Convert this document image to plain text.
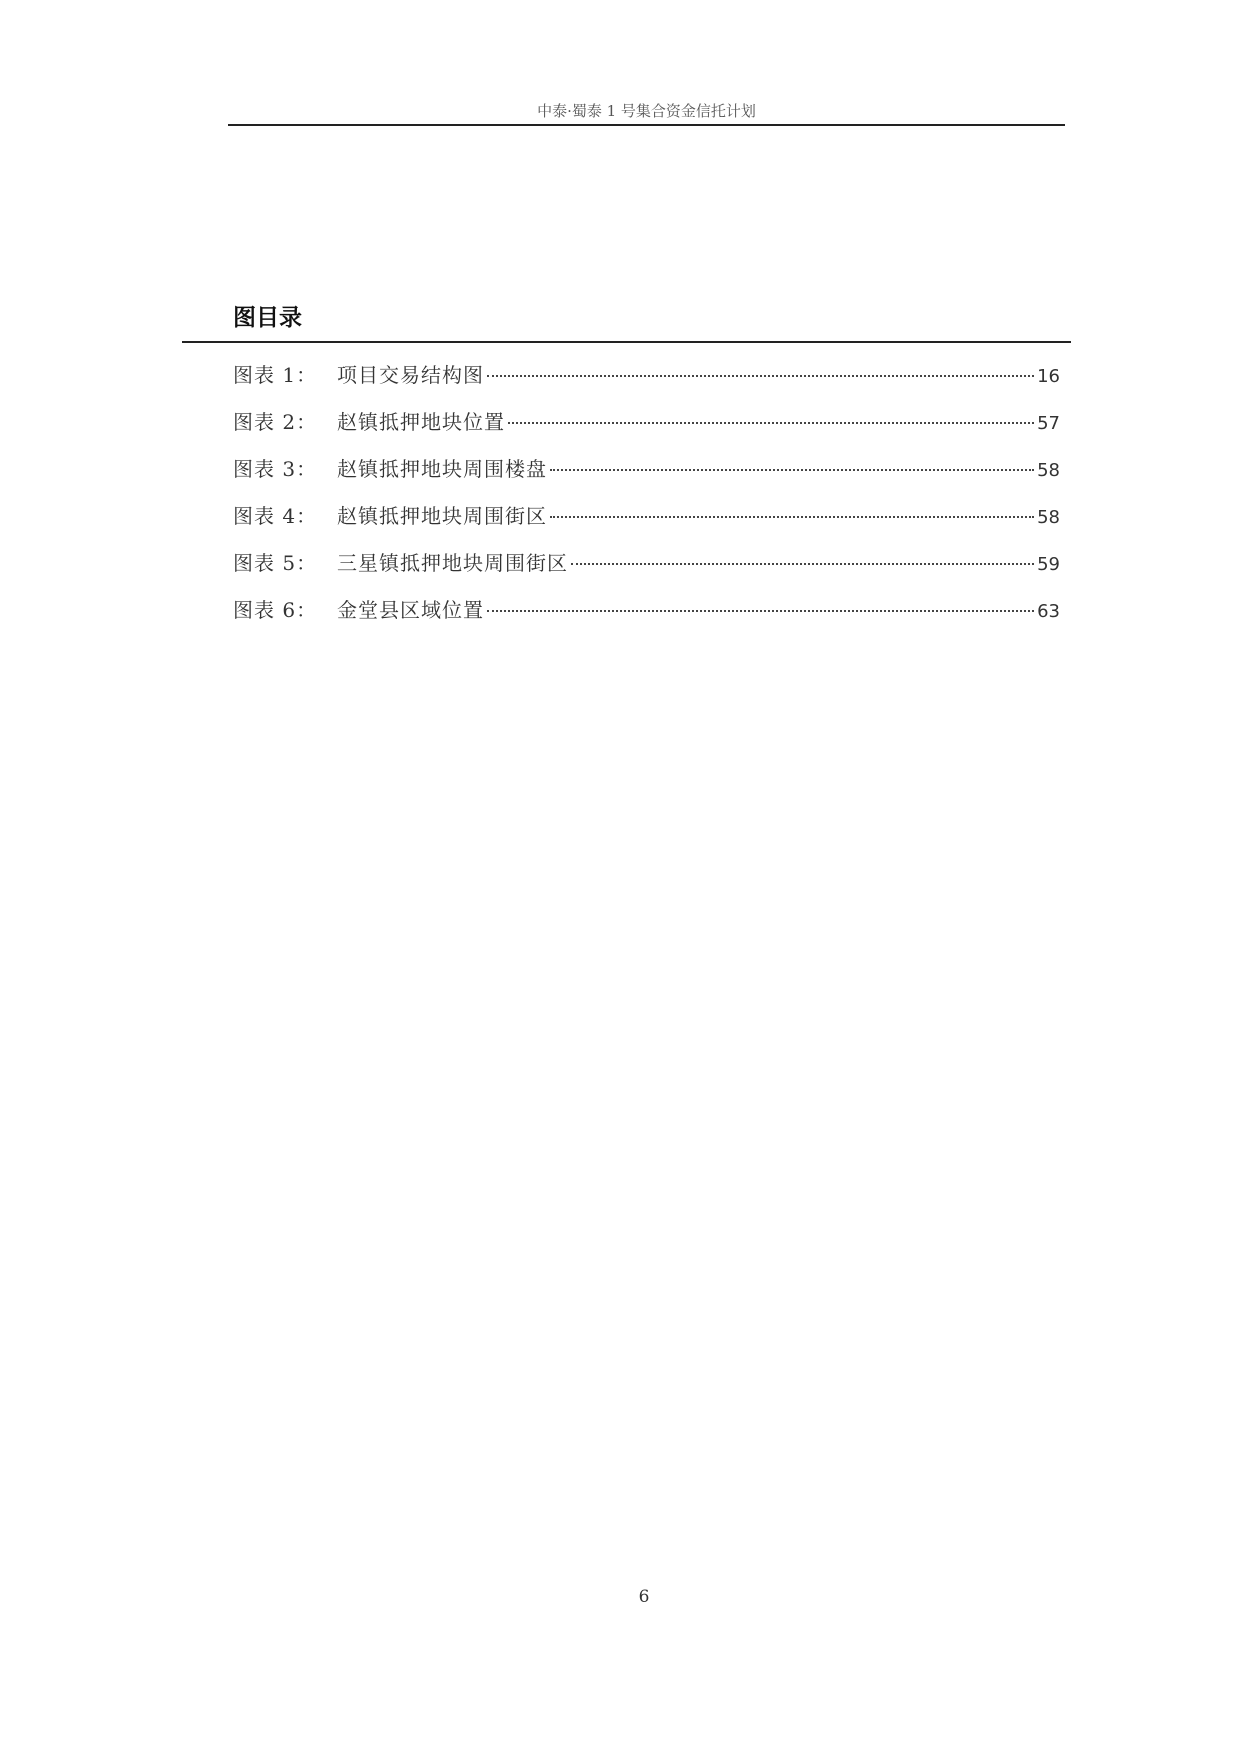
中泰·蜀泰 1 号集合资金信托计划
图目录
图表 1： 项目交易结构图	16
图表 2： 赵镇抵押地块位置	57
图表 3： 赵镇抵押地块周围楼盘	58
图表 4： 赵镇抵押地块周围街区	58
图表 5： 三星镇抵押地块周围街区	59
图表 6： 金堂县区域位置	63
6
